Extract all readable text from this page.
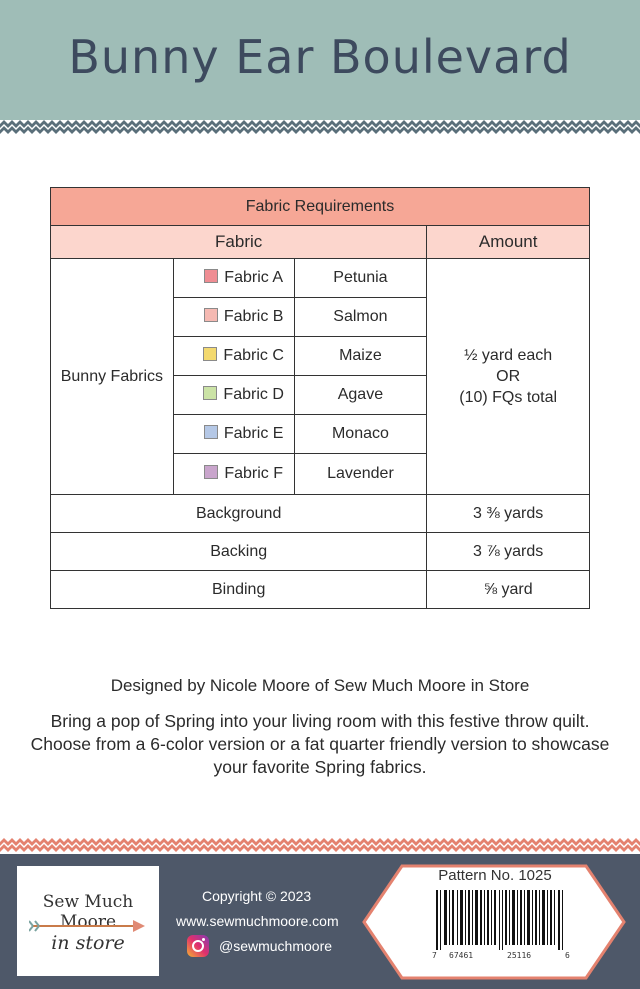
Bunny Ear Boulevard
Fabric Requirements			
Fabric			Amount
Bunny Fabrics	Fabric A	Petunia	½ yard each
OR
(10) FQs total

	Fabric B	Salmon	
	Fabric C	Maize	
	Fabric D	Agave	
	Fabric E	Monaco	
	Fabric F	Lavender	
Background			3 ⅜ yards
Backing			3 ⅞ yards
Binding			⅝ yard
Designed by Nicole Moore of Sew Much Moore in Store
Bring a pop of Spring into your living room with this festive throw quilt. Choose from a 6-color version or a fat quarter friendly version to showcase your favorite Spring fabrics.
Sew Much Moore
in store
Copyright © 2023
www.sewmuchmoore.com
@sewmuchmoore
Pattern No. 1025
7 67461	25116	6
